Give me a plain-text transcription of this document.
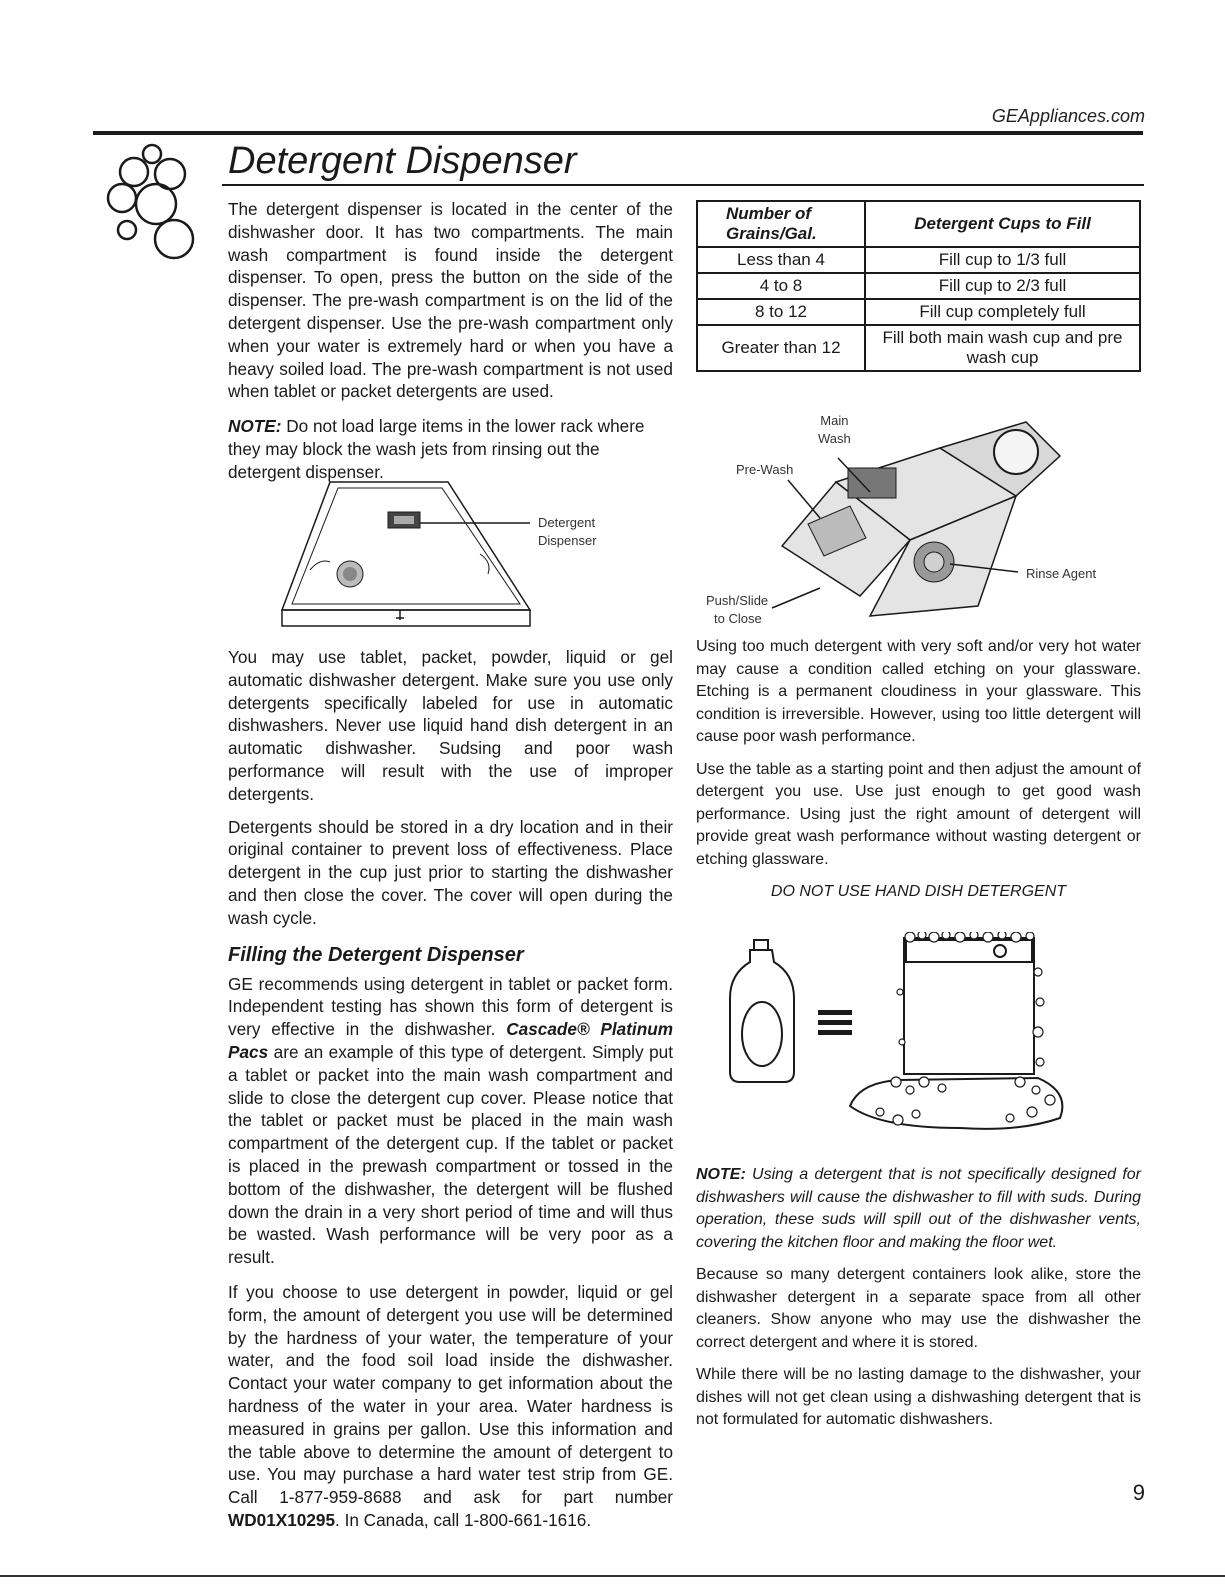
GEAppliances.com
Detergent Dispenser

The detergent dispenser is located in the center of the dishwasher door. It has two compartments. The main wash compartment is found inside the detergent dispenser. To open, press the button on the side of the dispenser. The pre-wash compartment is on the lid of the detergent dispenser. Use the pre-wash compartment only when your water is extremely hard or when you have a heavy soiled load. The pre-wash compartment is not used when tablet or packet detergents are used.

NOTE: Do not load large items in the lower rack where they may block the wash jets from rinsing out the detergent dispenser.

Detergent
Dispenser

You may use tablet, packet, powder, liquid or gel automatic dishwasher detergent. Make sure you use only detergents specifically labeled for use in automatic dishwashers. Never use liquid hand dish detergent in an automatic dishwasher. Sudsing and poor wash performance will result with the use of improper detergents.

Detergents should be stored in a dry location and in their original container to prevent loss of effectiveness. Place detergent in the cup just prior to starting the dishwasher and then close the cover. The cover will open during the wash cycle.

Filling the Detergent Dispenser

GE recommends using detergent in tablet or packet form. Independent testing has shown this form of detergent is very effective in the dishwasher. Cascade® Platinum Pacs are an example of this type of detergent. Simply put a tablet or packet into the main wash compartment and slide to close the detergent cup cover. Please notice that the tablet or packet must be placed in the main wash compartment of the detergent cup. If the tablet or packet is placed in the prewash compartment or tossed in the bottom of the dishwasher, the detergent will be flushed down the drain in a very short period of time and will thus be wasted. Wash performance will be very poor as a result.

If you choose to use detergent in powder, liquid or gel form, the amount of detergent you use will be determined by the hardness of your water, the temperature of your water, and the food soil load inside the dishwasher. Contact your water company to get information about the hardness of the water in your area. Water hardness is measured in grains per gallon. Use this information and the table above to determine the amount of detergent to use. You may purchase a hard water test strip from GE. Call 1-877-959-8688 and ask for part number WD01X10295. In Canada, call 1-800-661-1616.

Number of Grains/Gal.	Detergent Cups to Fill
Less than 4	Fill cup to 1/3 full
4 to 8	Fill cup to 2/3 full
8 to 12	Fill cup completely full
Greater than 12	Fill both main wash cup and pre wash cup
Main
Wash
Pre-Wash
Rinse Agent
Push/Slide
to Close

Using too much detergent with very soft and/or very hot water may cause a condition called etching on your glassware. Etching is a permanent cloudiness in your glassware. This condition is irreversible. However, using too little detergent will cause poor wash performance.

Use the table as a starting point and then adjust the amount of detergent you use. Use just enough to get good wash performance. Using just the right amount of detergent will provide great wash performance without wasting detergent or etching glassware.

DO NOT USE HAND DISH DETERGENT

NOTE: Using a detergent that is not specifically designed for dishwashers will cause the dishwasher to fill with suds. During operation, these suds will spill out of the dishwasher vents, covering the kitchen floor and making the floor wet.

Because so many detergent containers look alike, store the dishwasher detergent in a separate space from all other cleaners. Show anyone who may use the dishwasher the correct detergent and where it is stored.

While there will be no lasting damage to the dishwasher, your dishes will not get clean using a dishwashing detergent that is not formulated for automatic dishwashers.

9
